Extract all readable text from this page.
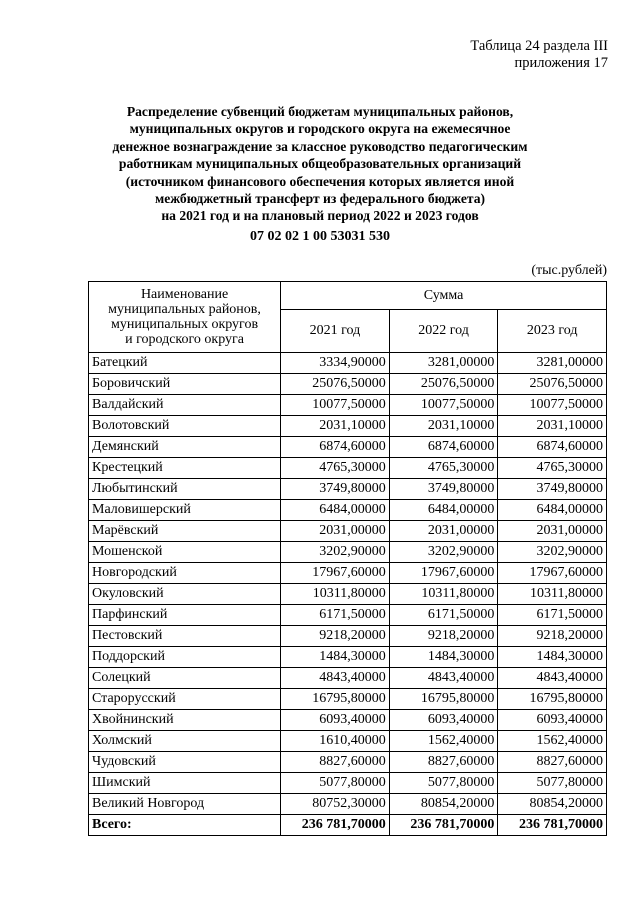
Таблица 24 раздела III
приложения 17
Распределение субвенций бюджетам муниципальных районов,
муниципальных округов и городского округа на ежемесячное
денежное вознаграждение за классное руководство педагогическим
работникам муниципальных общеобразовательных организаций
(источником финансового обеспечения которых является иной
межбюджетный трансферт из федерального бюджета)
на 2021 год и на плановый период 2022 и 2023 годов
07 02 02 1 00 53031 530
(тыс.рублей)
Наименование
муниципальных районов,
муниципальных округов
и городского округа	Сумма		
	2021 год	2022 год	2023 год
Батецкий	3334,90000	3281,00000	3281,00000
Боровичский	25076,50000	25076,50000	25076,50000
Валдайский	10077,50000	10077,50000	10077,50000
Волотовский	2031,10000	2031,10000	2031,10000
Демянский	6874,60000	6874,60000	6874,60000
Крестецкий	4765,30000	4765,30000	4765,30000
Любытинский	3749,80000	3749,80000	3749,80000
Маловишерский	6484,00000	6484,00000	6484,00000
Марёвский	2031,00000	2031,00000	2031,00000
Мошенской	3202,90000	3202,90000	3202,90000
Новгородский	17967,60000	17967,60000	17967,60000
Окуловский	10311,80000	10311,80000	10311,80000
Парфинский	6171,50000	6171,50000	6171,50000
Пестовский	9218,20000	9218,20000	9218,20000
Поддорский	1484,30000	1484,30000	1484,30000
Солецкий	4843,40000	4843,40000	4843,40000
Старорусский	16795,80000	16795,80000	16795,80000
Хвойнинский	6093,40000	6093,40000	6093,40000
Холмский	1610,40000	1562,40000	1562,40000
Чудовский	8827,60000	8827,60000	8827,60000
Шимский	5077,80000	5077,80000	5077,80000
Великий Новгород	80752,30000	80854,20000	80854,20000
Всего:	236 781,70000	236 781,70000	236 781,70000
